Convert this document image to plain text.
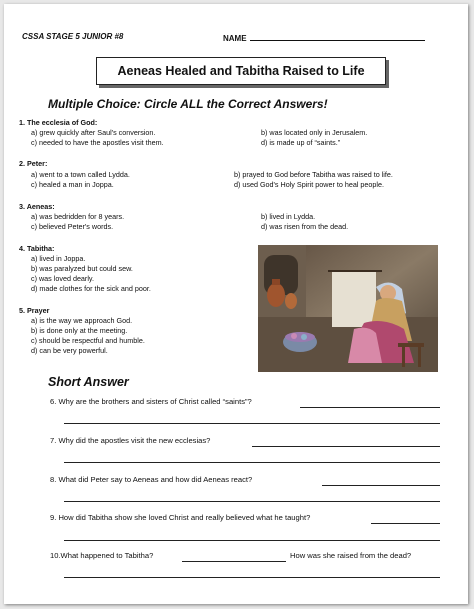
CSSA STAGE 5 JUNIOR #8	NAME
Aeneas Healed and Tabitha Raised to Life
Multiple Choice: Circle ALL the Correct Answers!
1. The ecclesia of God:
a) grew quickly after Saul's conversion.	b) was located only in Jerusalem.
c) needed to have the apostles visit them.	d) is made up of “saints.”
2. Peter:
a) went to a town called Lydda.	b) prayed to God before Tabitha was raised to life.
c) healed a man in Joppa.	d) used God's Holy Spirit power to heal people.
3. Aeneas:
a) was bedridden for 8 years.	b) lived in Lydda.
c) believed Peter's words.	d) was risen from the dead.
4. Tabitha:
a) lived in Joppa.
b) was paralyzed but could sew.
c) was loved dearly.
d) made clothes for the sick and poor.
5. Prayer
a) is the way we approach God.
b) is done only at the meeting.
c) should be respectful and humble.
d) can be very powerful.
Short Answer
6. Why are the brothers and sisters of Christ called “saints”?
7. Why did the apostles visit the new ecclesias?
8. What did Peter say to Aeneas and how did Aeneas react?
9. How did Tabitha show she loved Christ and really believed what he taught?
10.What happened to Tabitha?	How was she raised from the dead?
